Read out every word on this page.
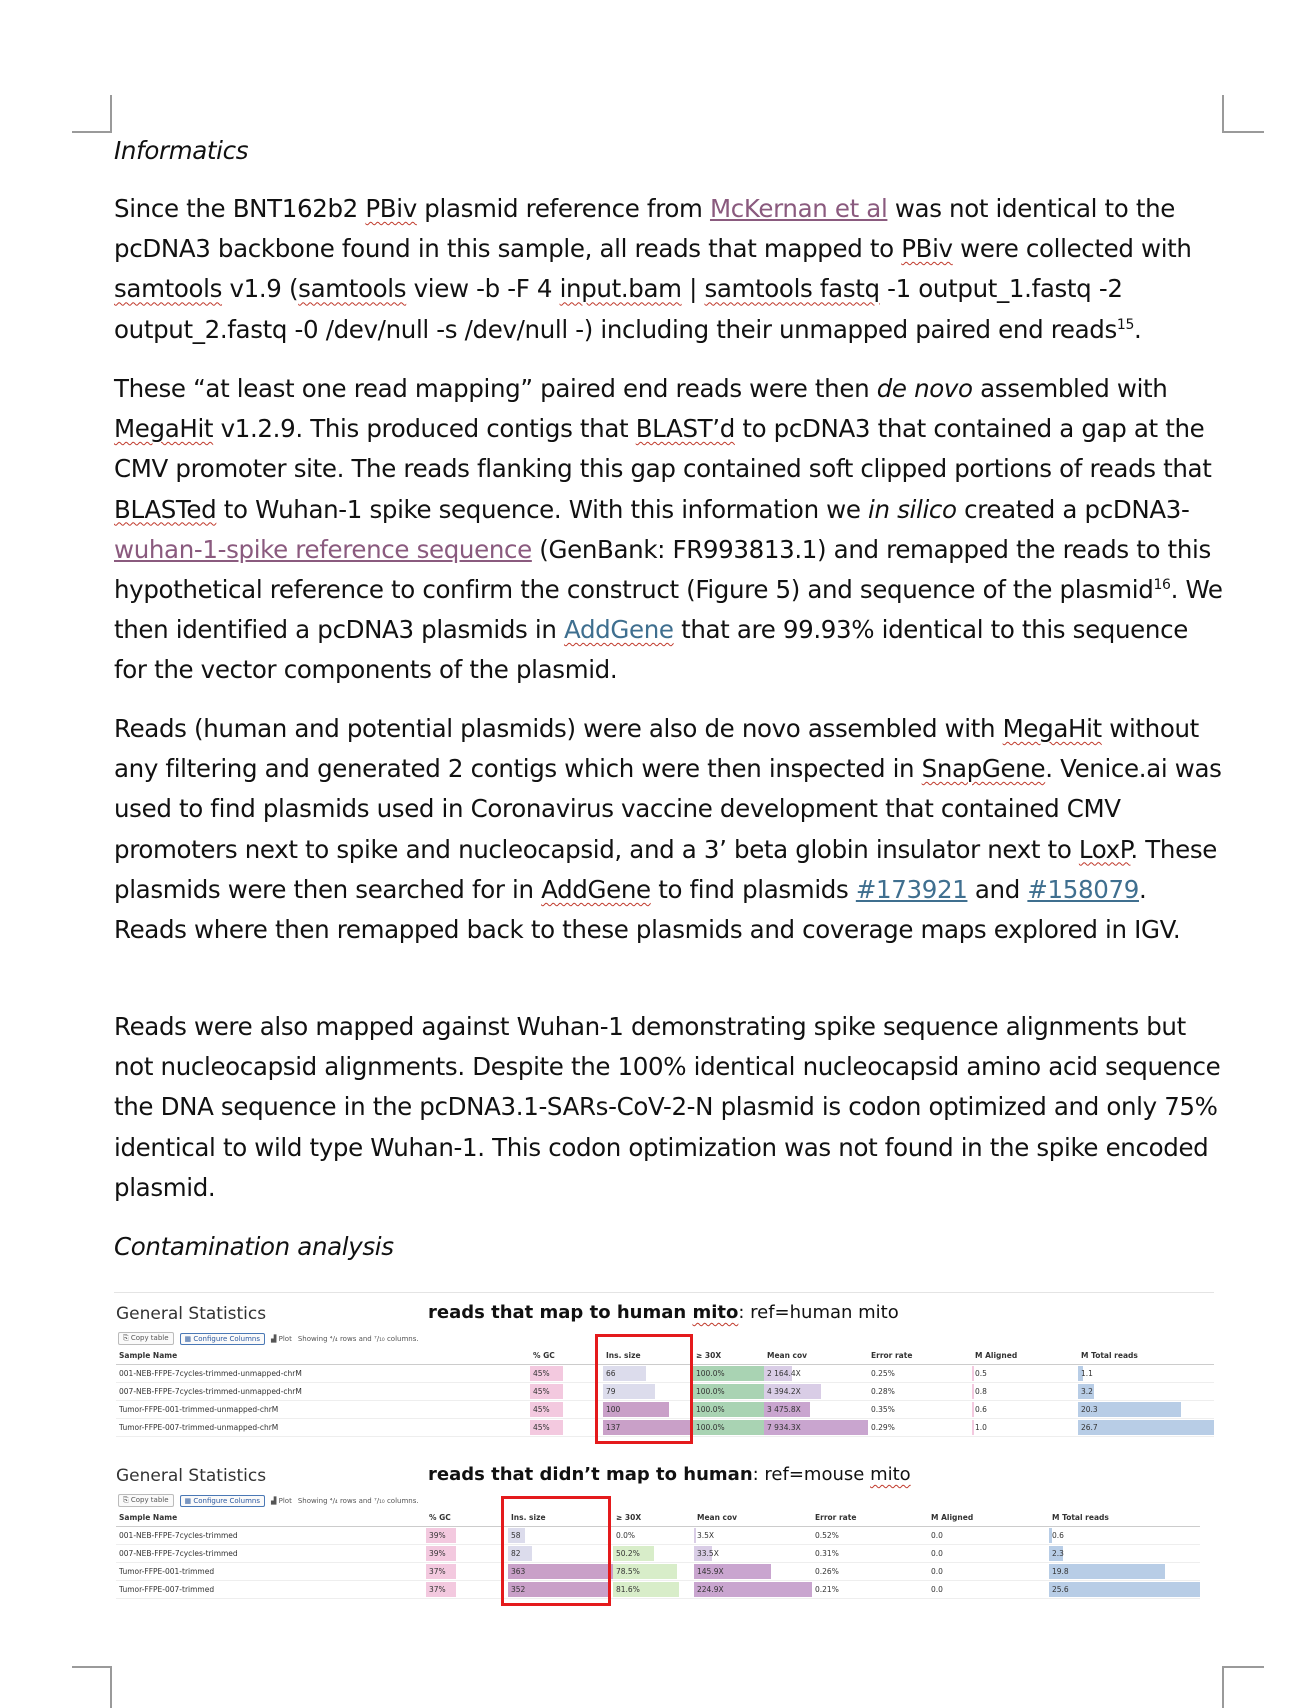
Informatics

Since the BNT162b2 PBiv plasmid reference from McKernan et al was not identical to the pcDNA3 backbone found in this sample, all reads that mapped to PBiv were collected with samtools v1.9 (samtools view -b -F 4 input.bam | samtools fastq -1 output_1.fastq -2 output_2.fastq -0 /dev/null -s /dev/null -) including their unmapped paired end reads$^{15}$.

These “at least one read mapping” paired end reads were then de novo assembled with MegaHit v1.2.9. This produced contigs that BLAST’d to pcDNA3 that contained a gap at the CMV promoter site. The reads flanking this gap contained soft clipped portions of reads that BLASTed to Wuhan-1 spike sequence. With this information we in silico created a pcDNA3-wuhan-1-spike reference sequence (GenBank: FR993813.1) and remapped the reads to this hypothetical reference to confirm the construct (Figure 5) and sequence of the plasmid$^{16}$. We then identified a pcDNA3 plasmids in AddGene that are 99.93% identical to this sequence for the vector components of the plasmid.

Reads (human and potential plasmids) were also de novo assembled with MegaHit without any filtering and generated 2 contigs which were then inspected in SnapGene. Venice.ai was used to find plasmids used in Coronavirus vaccine development that contained CMV promoters next to spike and nucleocapsid, and a 3’ beta globin insulator next to LoxP. These plasmids were then searched for in AddGene to find plasmids #173921 and #158079. Reads where then remapped back to these plasmids and coverage maps explored in IGV.

Reads were also mapped against Wuhan-1 demonstrating spike sequence alignments but not nucleocapsid alignments. Despite the 100% identical nucleocapsid amino acid sequence the DNA sequence in the pcDNA3.1-SARs-CoV-2-N plasmid is codon optimized and only 75% identical to wild type Wuhan-1. This codon optimization was not found in the spike encoded plasmid.

Contamination analysis

General Statistics
⎘ Copy table	▦ Configure Columns	▟ Plot Showing ⁴/₄ rows and ⁷/₁₀ columns.
reads that map to human mito: ref=human mito
Sample Name	% GC	Ins. size	≥ 30X	Mean cov	Error rate	M Aligned	M Total reads
001-NEB-FFPE-7cycles-trimmed-unmapped-chrM	45%	66	100.0%	2 164.4X	0.25%	0.5	1.1
007-NEB-FFPE-7cycles-trimmed-unmapped-chrM	45%	79	100.0%	4 394.2X	0.28%	0.8	3.2
Tumor-FFPE-001-trimmed-unmapped-chrM	45%	100	100.0%	3 475.8X	0.35%	0.6	20.3
Tumor-FFPE-007-trimmed-unmapped-chrM	45%	137	100.0%	7 934.3X	0.29%	1.0	26.7
General Statistics
⎘ Copy table	▦ Configure Columns	▟ Plot Showing ⁴/₄ rows and ⁷/₁₀ columns.
reads that didn’t map to human: ref=mouse mito
Sample Name	% GC	Ins. size	≥ 30X	Mean cov	Error rate	M Aligned	M Total reads
001-NEB-FFPE-7cycles-trimmed	39%	58	0.0%	3.5X	0.52%	0.0	0.6
007-NEB-FFPE-7cycles-trimmed	39%	82	50.2%	33.5X	0.31%	0.0	2.3
Tumor-FFPE-001-trimmed	37%	363	78.5%	145.9X	0.26%	0.0	19.8
Tumor-FFPE-007-trimmed	37%	352	81.6%	224.9X	0.21%	0.0	25.6
